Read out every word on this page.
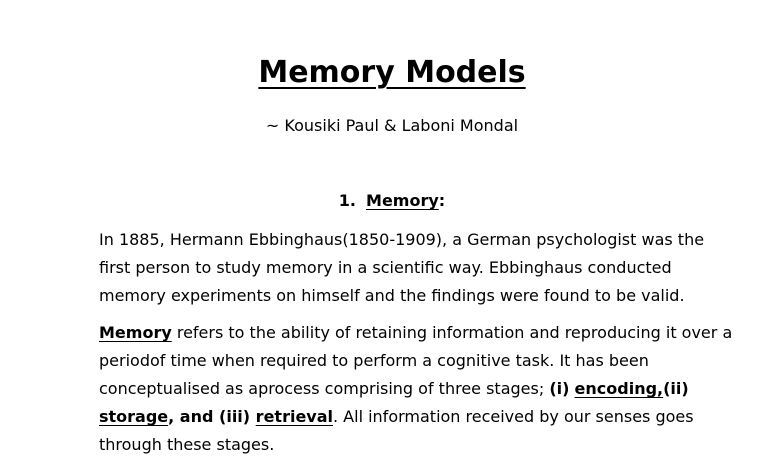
Memory Models
~ Kousiki Paul & Laboni Mondal
1. Memory:

In 1885, Hermann Ebbinghaus(1850-1909), a German psychologist was the
first person to study memory in a scientific way. Ebbinghaus conducted
memory experiments on himself and the findings were found to be valid.

Memory refers to the ability of retaining information and reproducing it over a
periodof time when required to perform a cognitive task. It has been
conceptualised as aprocess comprising of three stages; (i) encoding,(ii)
storage, and (iii) retrieval. All information received by our senses goes
through these stages.
